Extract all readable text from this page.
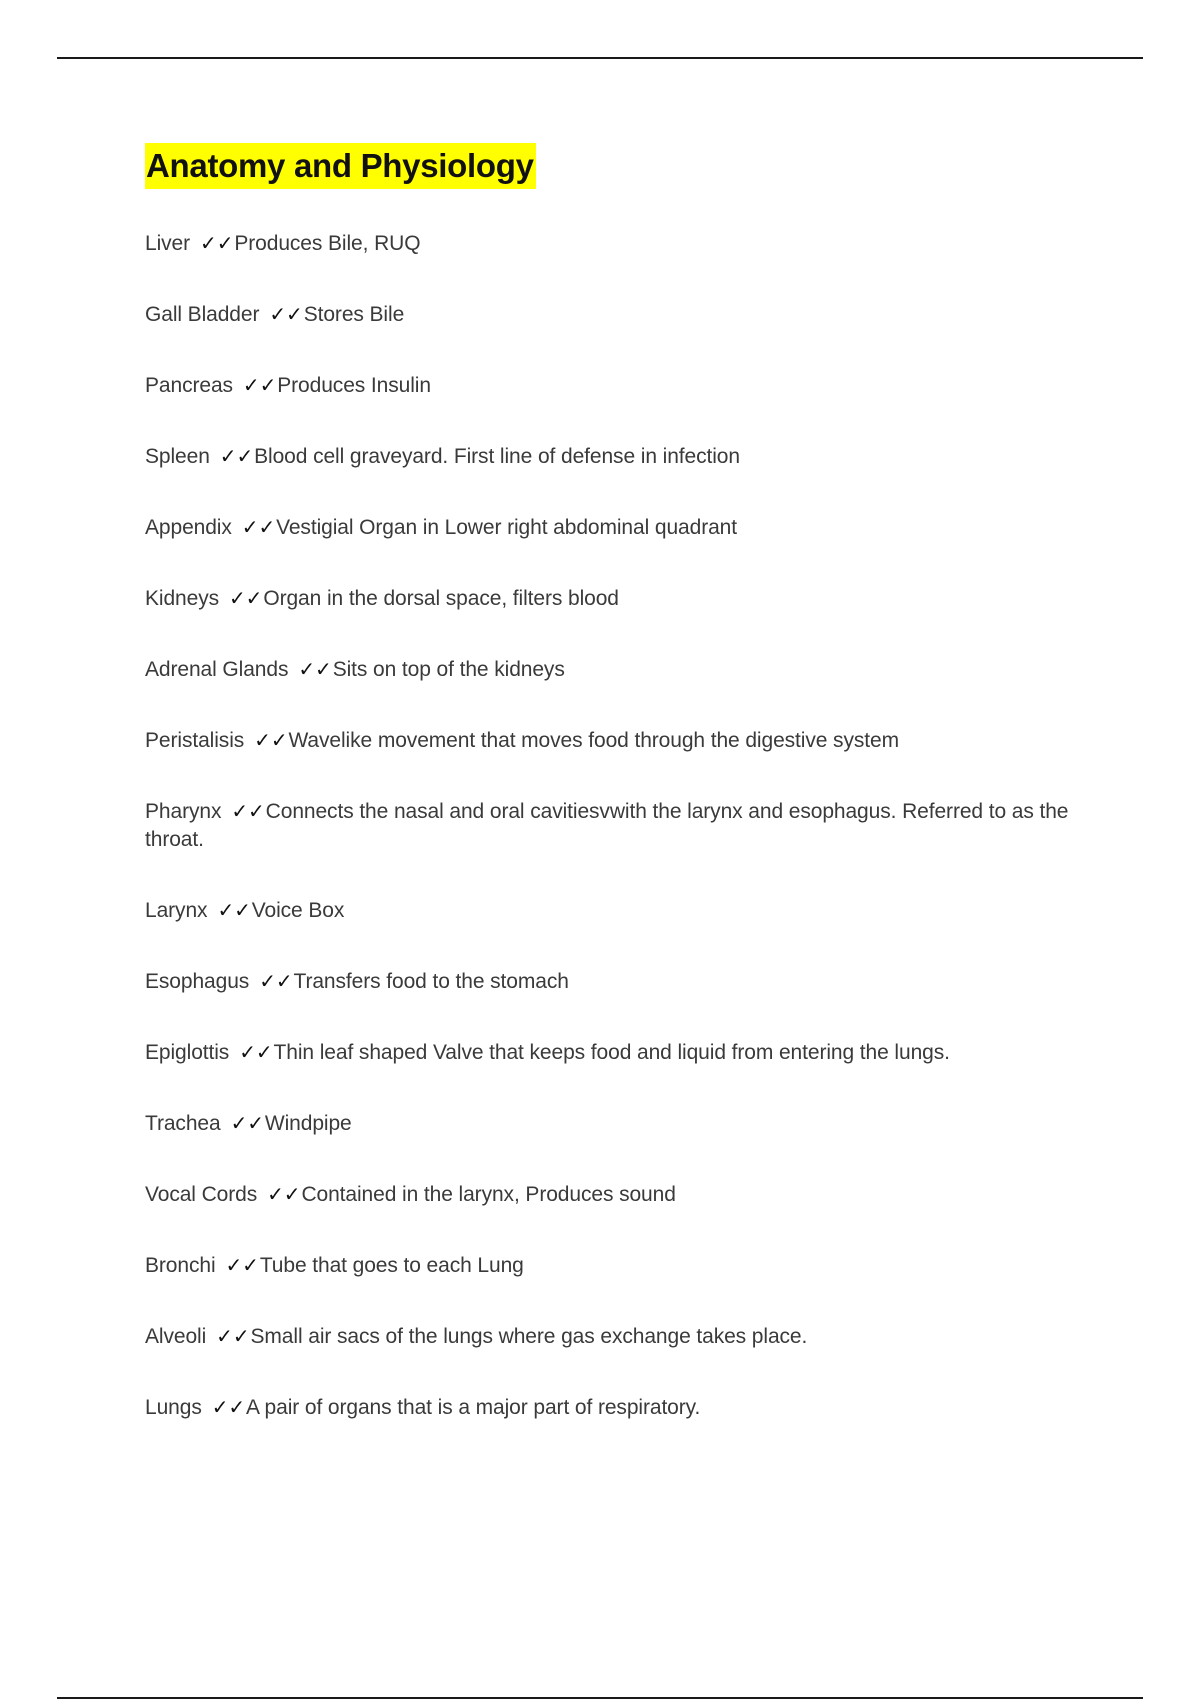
Anatomy and Physiology
Liver ✓✓Produces Bile, RUQ
Gall Bladder ✓✓Stores Bile
Pancreas ✓✓Produces Insulin
Spleen ✓✓Blood cell graveyard. First line of defense in infection
Appendix ✓✓Vestigial Organ in Lower right abdominal quadrant
Kidneys ✓✓Organ in the dorsal space, filters blood
Adrenal Glands ✓✓Sits on top of the kidneys
Peristalisis ✓✓Wavelike movement that moves food through the digestive system
Pharynx ✓✓Connects the nasal and oral cavitiesvwith the larynx and esophagus. Referred to as the throat.
Larynx ✓✓Voice Box
Esophagus ✓✓Transfers food to the stomach
Epiglottis ✓✓Thin leaf shaped Valve that keeps food and liquid from entering the lungs.
Trachea ✓✓Windpipe
Vocal Cords ✓✓Contained in the larynx, Produces sound
Bronchi ✓✓Tube that goes to each Lung
Alveoli ✓✓Small air sacs of the lungs where gas exchange takes place.
Lungs ✓✓A pair of organs that is a major part of respiratory.
